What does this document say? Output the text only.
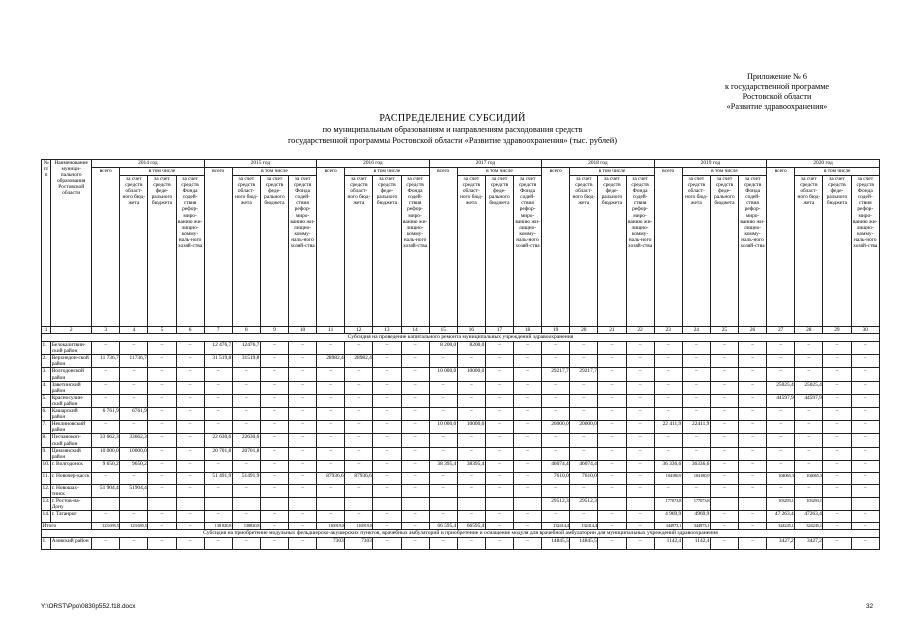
Приложение № 6
к государственной программе
Ростовской области
«Развитие здравоохранения»
РАСПРЕДЕЛЕНИЕ СУБСИДИЙ
по муниципальным образованиям и направлениям расходования средств
государственной программы Ростовской области «Развитие здравоохранения» (тыс. рублей)
№ п/п	Наименование муници-пального образования Ростовской области	2014 год				2015 год				2016 год				2017 год				2018 год				2019 год				2020 год			
		всего	в том числе			всего	в том числе			всего	в том числе			всего	в том числе			всего	в том числе			всего	в том числе			всего	в том числе		
			за счет средств област-ного бюд-жета	за счет средств феде-рального бюджета	за счет средств Фонда содей-ствия рефор-миро-ванию жи-лищно-комму-наль-ного хозяй-ства		за счет средств област-ного бюд-жета	за счет средств феде-рального бюджета	за счет средств Фонда содей-ствия рефор-миро-ванию жи-лищно-комму-наль-ного хозяй-ства		за счет средств област-ного бюд-жета	за счет средств феде-рального бюджета	за счет средств Фонда содей-ствия рефор-миро-ванию жи-лищно-комму-наль-ного хозяй-ства		за счет средств област-ного бюд-жета	за счет средств феде-рального бюджета	за счет средств Фонда содей-ствия рефор-миро-ванию жи-лищно-комму-наль-ного хозяй-ства		за счет средств област-ного бюд-жета	за счет средств феде-рального бюджета	за счет средств Фонда содей-ствия рефор-миро-ванию жи-лищно-комму-наль-ного хозяй-ства		за счет средств област-ного бюд-жета	за счет средств феде-рального бюджета	за счет средств Фонда содей-ствия рефор-миро-ванию жи-лищно-комму-наль-ного хозяй-ства		за счет средств област-ного бюд-жета	за счет средств феде-рального бюджета	за счет средств Фонда содей-ствия рефор-миро-ванию жи-лищно-комму-наль-ного хозяй-ства
1	2	3	4	5	6	7	8	9	10	11	12	13	14	15	16	17	18	19	20	21	22	23	24	25	26	27	28	29	30
Субсидия на проведение капитального ремонта муниципальных учреждений здравоохранения																													
1.	Белокалитвин-ский район	–	–	–	–	12 476,7	12476,7	–	–	–	–	–	–	8 200,0	8200,0	–	–	–	–	–	–	–	–	–	–	–	–	–	–
2.	Верхнедон-ской район	11 736,7	11736,7	–	–	31 519,8	31519,8	–	–	28982,4	28982,4	–	–	–	–	–	–	–	–	–	–	–	–	–	–	–	–	–	–
3.	Волгодонской район	–	–	–	–	–	–	–	–	–	–	–	–	10 000,0	10000,0	–	–	29217,7	29217,7	–	–	–	–	–	–	–	–	–	–
4.	Заветинский район	–	–	–	–	–	–	–	–	–	–	–	–	–	–	–	–	–	–	–	–	–	–	–	–	25025,4	25025,4	–	–
5.	Красносулин-ский район	–	–	–	–	–	–	–	–	–	–	–	–	–	–	–	–	–	–	–	–	–	–	–	–	44597,9	44597,9	–	–
6.	Кашарский район	6 761,9	6761,9	–	–	–	–	–	–	–	–	–	–	–	–	–	–	–	–	–	–	–	–	–	–	–	–	–	–
7.	Неклиновский район	–	–	–	–	–	–	–	–	–	–	–	–	10 000,0	10000,0	–	–	20000,0	20000,0	–	–	22 411,9	22411,9	–	–	–	–	–	–
8.	Песчанокоп-ский район	33 662,3	33662,3	–	–	22 630,6	22630,6	–	–	–	–	–	–	–	–	–	–	–	–	–	–	–	–	–	–	–	–	–	–
9.	Цимлянский район	10 000,0	10000,0	–	–	20 701,8	20701,8	–	–	–	–	–	–	–	–	–	–	–	–	–	–	–	–	–	–	–	–	–	–
10.	г. Волгодонск	9 650,2	9650,2	–	–	–	–	–	–	–	–	–	–	38 395,4	38395,4	–	–	46074,4	46074,4	–	–	36 336,6	36336,6	–	–	–	–	–	–
11.	г. Новочер-касск	–	–	–	–	51 491,9	51491,9	–	–	87936,6	87936,6	–	–	–	–	–	–	7610,0	7610,0	–	–	104180,9	104180,9	–	–	104065,3	104065,3	–	–
12.	г. Новошах-тинск	51 904,4	51904,4	–	–	–	–	–	–	–	–	–	–	–	–	–	–	–	–	–	–	–	–	–	–	–	–	–	–
13.	г. Ростов-на-Дону																	29512,3	29512,3			177073,8	177073,8			103293,1	103293,1		
14.	г. Таганрог	–	–	–	–	–	–	–	–	–	–	–	–	–	–	–	–	–	–	–	–	4 969,9	4969,9	–	–	47 263,4	47263,4	–	–
Итого		123 695,5	123 695,5	–	–	138 820,8	138820,8	–	–	116919,0	116919,0	–	–	66 595,4	66595,4	–	–	132414,4	132414,4	–	–	344973,1	344973,1	–	–	324245,1	324245,1	–	–
Субсидия на приобретение модульных фельдшерско-акушерских пунктов, врачебных амбулаторий и приобретение и оснащение модуля для врачебной амбулатории для муниципальных учреждений здравоохранения																													
1.	Азовский район	–	–	–	–	–	–	–	–	7303	7303	–	–	–	–	–	–	14845,5	14845,5	–	–	1142,4	1142,4	–	–	3427,2	3427,2	–	–
Y:\ORST\Ppo\0830p552.f18.docx	32
